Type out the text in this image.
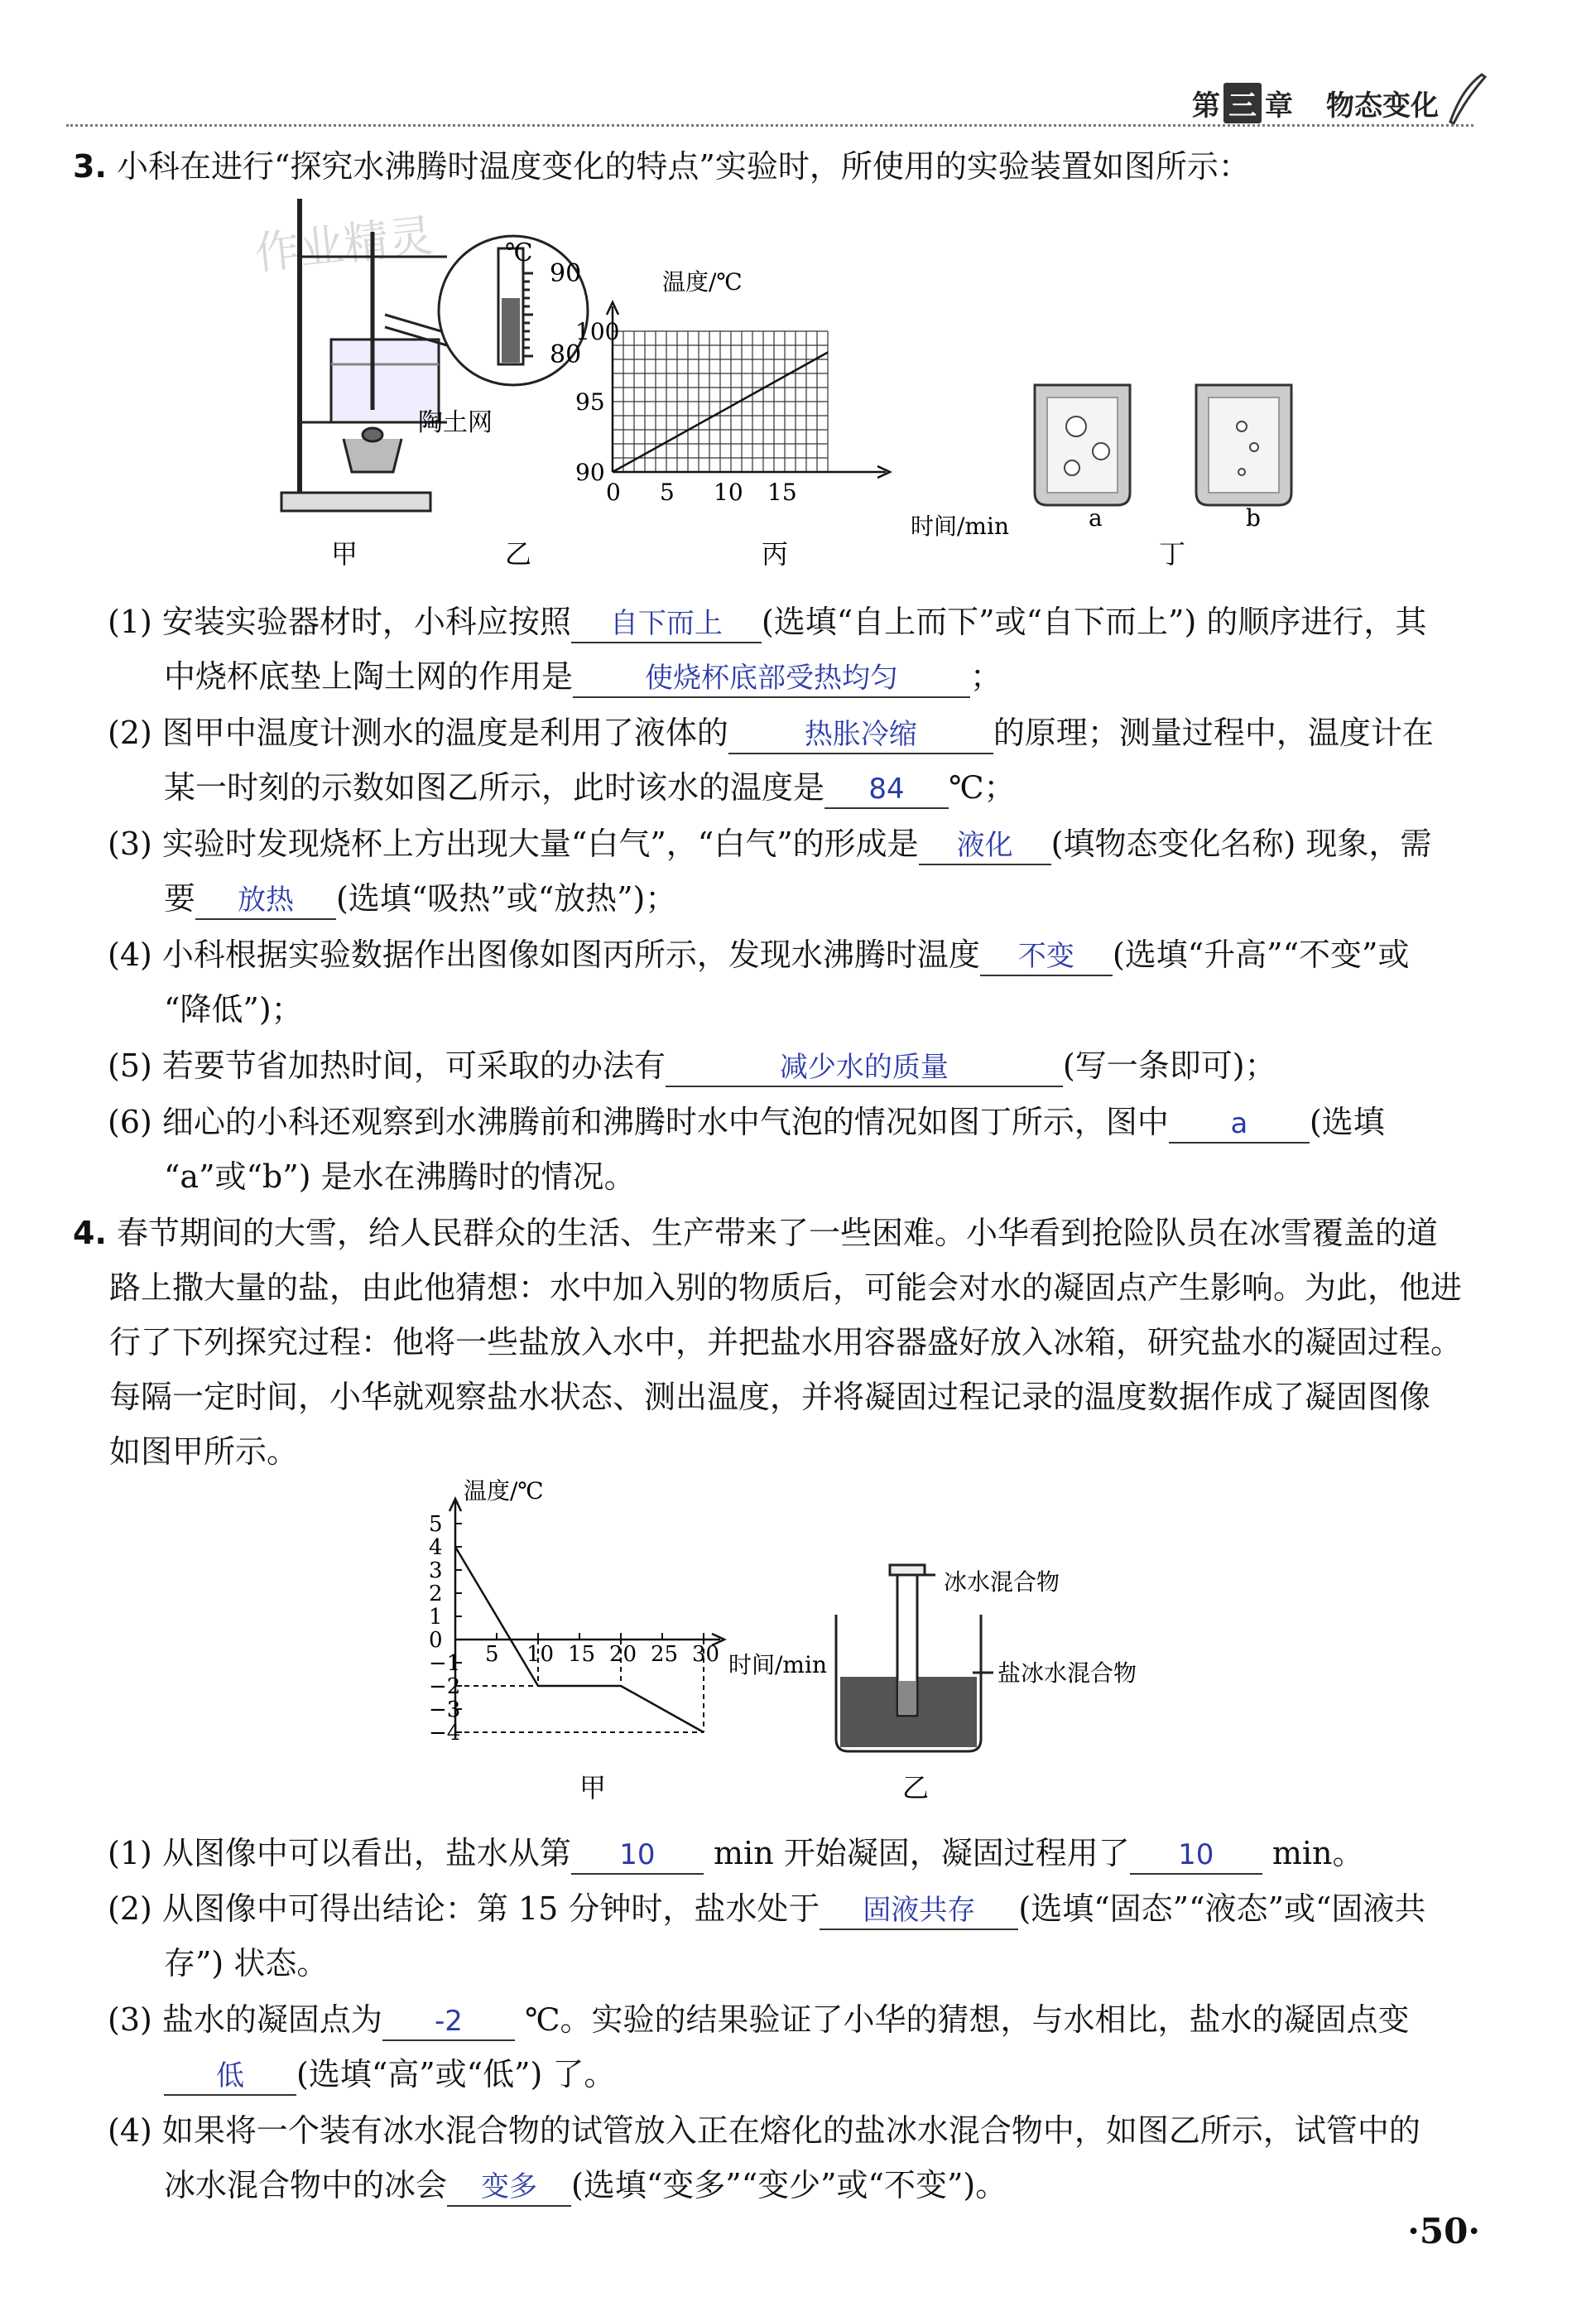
第 三 章 物态变化
3. 小科在进行“探究水沸腾时温度变化的特点”实验时，所使用的实验装置如图所示：
作业精灵	℃
90
80
陶土网
90
95
100
0 5 10 15
温度/℃
时间/min	a	b
甲	乙	丙	丁
(1) 安装实验器材时，小科应按照 自下而上 (选填“自上而下”或“自下而上”) 的顺序进行，其
中烧杯底垫上陶土网的作用是	使烧杯底部受热均匀 ；
(2) 图甲中温度计测水的温度是利用了液体的	热胀冷缩 的原理；测量过程中，温度计在
某一时刻的示数如图乙所示，此时该水的温度是 84 ℃；
(3) 实验时发现烧杯上方出现大量“白气”，“白气”的形成是 液化 (填物态变化名称) 现象，需
要 放热 (选填“吸热”或“放热”)；
(4) 小科根据实验数据作出图像如图丙所示，发现水沸腾时温度 不变 (选填“升高”“不变”或
“降低”)；
(5) 若要节省加热时间，可采取的办法有	减少水的质量	(写一条即可)；
(6) 细心的小科还观察到水沸腾前和沸腾时水中气泡的情况如图丁所示，图中 a (选填
“a”或“b”) 是水在沸腾时的情况。
4. 春节期间的大雪，给人民群众的生活、生产带来了一些困难。小华看到抢险队员在冰雪覆盖的道
路上撒大量的盐，由此他猜想：水中加入别的物质后，可能会对水的凝固点产生影响。为此，他进
行了下列探究过程：他将一些盐放入水中，并把盐水用容器盛好放入冰箱，研究盐水的凝固过程。
每隔一定时间，小华就观察盐水状态、测出温度，并将凝固过程记录的温度数据作成了凝固图像
如图甲所示。
−4
−3
−2
−1
0
1
2
3
4
5
5 10 15 20 25 30
温度/℃
时间/min
冰水混合物
盐冰水混合物
甲	乙
(1) 从图像中可以看出，盐水从第 10 min 开始凝固，凝固过程用了 10 min。
(2) 从图像中可得出结论：第 15 分钟时，盐水处于 固液共存 (选填“固态”“液态”或“固液共
存”) 状态。
(3) 盐水的凝固点为 -2 ℃。实验的结果验证了小华的猜想，与水相比，盐水的凝固点变
低 (选填“高”或“低”) 了。
(4) 如果将一个装有冰水混合物的试管放入正在熔化的盐冰水混合物中，如图乙所示，试管中的
冰水混合物中的冰会 变多 (选填“变多”“变少”或“不变”)。
·50·
